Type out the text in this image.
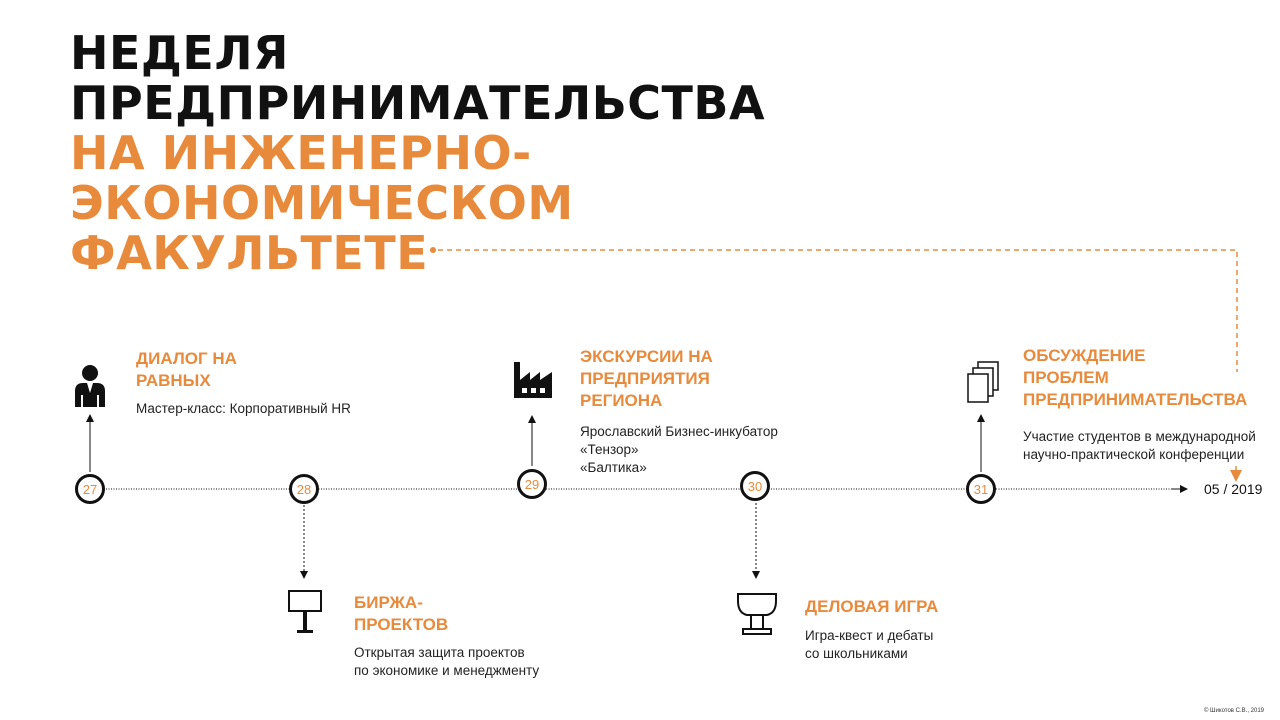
НЕДЕЛЯ
ПРЕДПРИНИМАТЕЛЬСТВА
НА ИНЖЕНЕРНО-
ЭКОНОМИЧЕСКОМ
ФАКУЛЬТЕТЕ
27	28	29	30	31	05 / 2019
ДИАЛОГ НА
РАВНЫХ
Мастер-класс: Корпоративный HR
ЭКСКУРСИИ НА
ПРЕДПРИЯТИЯ
РЕГИОНА
Ярославский Бизнес-инкубатор
«Тензор»
«Балтика»
ОБСУЖДЕНИЕ
ПРОБЛЕМ
ПРЕДПРИНИМАТЕЛЬСТВА
Участие студентов в международной
научно-практической конференции
БИРЖА-
ПРОЕКТОВ
Открытая защита проектов
по экономике и менеджменту
ДЕЛОВАЯ ИГРА
Игра-квест и дебаты
со школьниками
© Шикотов С.В., 2019
